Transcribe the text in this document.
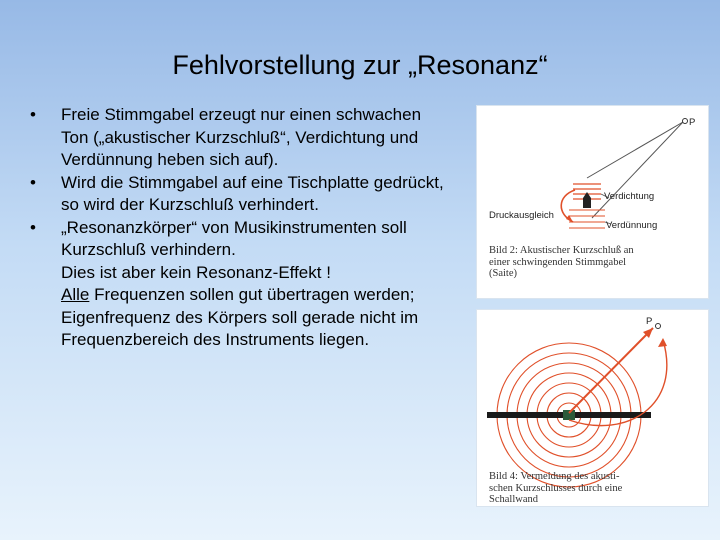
Fehlvorstellung zur „Resonanz“
• Freie Stimmgabel erzeugt nur einen schwachen Ton („akustischer Kurzschluß“, Verdichtung und Verdünnung heben sich auf).
• Wird die Stimmgabel auf eine Tischplatte gedrückt, so wird der Kurzschluß verhindert.
• „Resonanzkörper“ von Musikinstrumenten soll Kurzschluß verhindern.
Dies ist aber kein Resonanz-Effekt !
Alle Frequenzen sollen gut übertragen werden; Eigenfrequenz des Körpers soll gerade nicht im Frequenzbereich des Instruments liegen.
P
Verdichtung
Druckausgleich
Verdünnung
Bild 2: Akustischer Kurzschluß an
einer schwingenden Stimmgabel
(Saite)
P
Bild 4: Vermeidung des akusti-
schen Kurzschlusses durch eine
Schallwand
